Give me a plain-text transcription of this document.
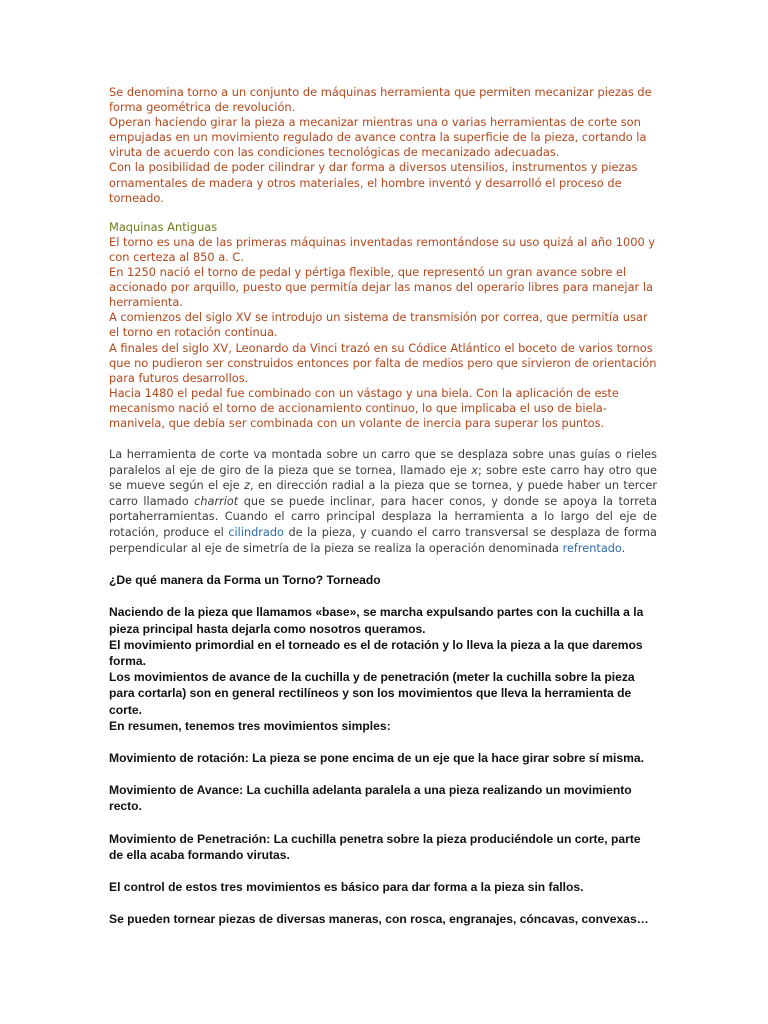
Se denomina torno a un conjunto de máquinas herramienta que permiten mecanizar piezas de

forma geométrica de revolución.

Operan haciendo girar la pieza a mecanizar mientras una o varias herramientas de corte son

empujadas en un movimiento regulado de avance contra la superficie de la pieza, cortando la

viruta de acuerdo con las condiciones tecnológicas de mecanizado adecuadas.

Con la posibilidad de poder cilindrar y dar forma a diversos utensilios, instrumentos y piezas

ornamentales de madera y otros materiales, el hombre inventó y desarrolló el proceso de

torneado.

Maquinas Antiguas

El torno es una de las primeras máquinas inventadas remontándose su uso quizá al año 1000 y

con certeza al 850 a. C.

En 1250 nació el torno de pedal y pértiga flexible, que representó un gran avance sobre el

accionado por arquillo, puesto que permitía dejar las manos del operario libres para manejar la

herramienta.

A comienzos del siglo XV se introdujo un sistema de transmisión por correa, que permitía usar

el torno en rotación continua.

A finales del siglo XV, Leonardo da Vinci trazó en su Códice Atlántico el boceto de varios tornos

que no pudieron ser construidos entonces por falta de medios pero que sirvieron de orientación

para futuros desarrollos.

Hacia 1480 el pedal fue combinado con un vástago y una biela. Con la aplicación de este

mecanismo nació el torno de accionamiento continuo, lo que implicaba el uso de biela-

manivela, que debía ser combinada con un volante de inercia para superar los puntos.

La herramienta de corte va montada sobre un carro que se desplaza sobre unas guías o rieles paralelos al eje de giro de la pieza que se tornea, llamado eje x; sobre este carro hay otro que se mueve según el eje z, en dirección radial a la pieza que se tornea, y puede haber un tercer carro llamado charriot que se puede inclinar, para hacer conos, y donde se apoya la torreta portaherramientas. Cuando el carro principal desplaza la herramienta a lo largo del eje de rotación, produce el cilindrado de la pieza, y cuando el carro transversal se desplaza de forma perpendicular al eje de simetría de la pieza se realiza la operación denominada refrentado.

¿De qué manera da Forma un Torno? Torneado

Naciendo de la pieza que llamamos «base», se marcha expulsando partes con la cuchilla a la

pieza principal hasta dejarla como nosotros queramos.

El movimiento primordial en el torneado es el de rotación y lo lleva la pieza a la que daremos

forma.

Los movimientos de avance de la cuchilla y de penetración (meter la cuchilla sobre la pieza

para cortarla) son en general rectilíneos y son los movimientos que lleva la herramienta de

corte.

En resumen, tenemos tres movimientos simples:

Movimiento de rotación: La pieza se pone encima de un eje que la hace girar sobre sí misma.

Movimiento de Avance: La cuchilla adelanta paralela a una pieza realizando un movimiento

recto.

Movimiento de Penetración: La cuchilla penetra sobre la pieza produciéndole un corte, parte

de ella acaba formando virutas.

El control de estos tres movimientos es básico para dar forma a la pieza sin fallos.

Se pueden tornear piezas de diversas maneras, con rosca, engranajes, cóncavas, convexas…
